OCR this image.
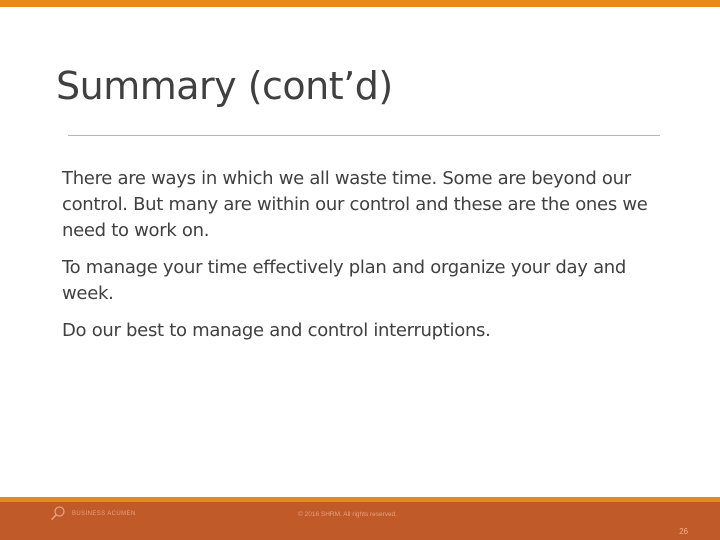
Summary (cont’d)

There are ways in which we all waste time. Some are beyond our control. But many are within our control and these are the ones we need to work on.

To manage your time effectively plan and organize your day and week.

Do our best to manage and control interruptions.

BUSINESS ACUMEN	© 2016 SHRM. All rights reserved.
26
